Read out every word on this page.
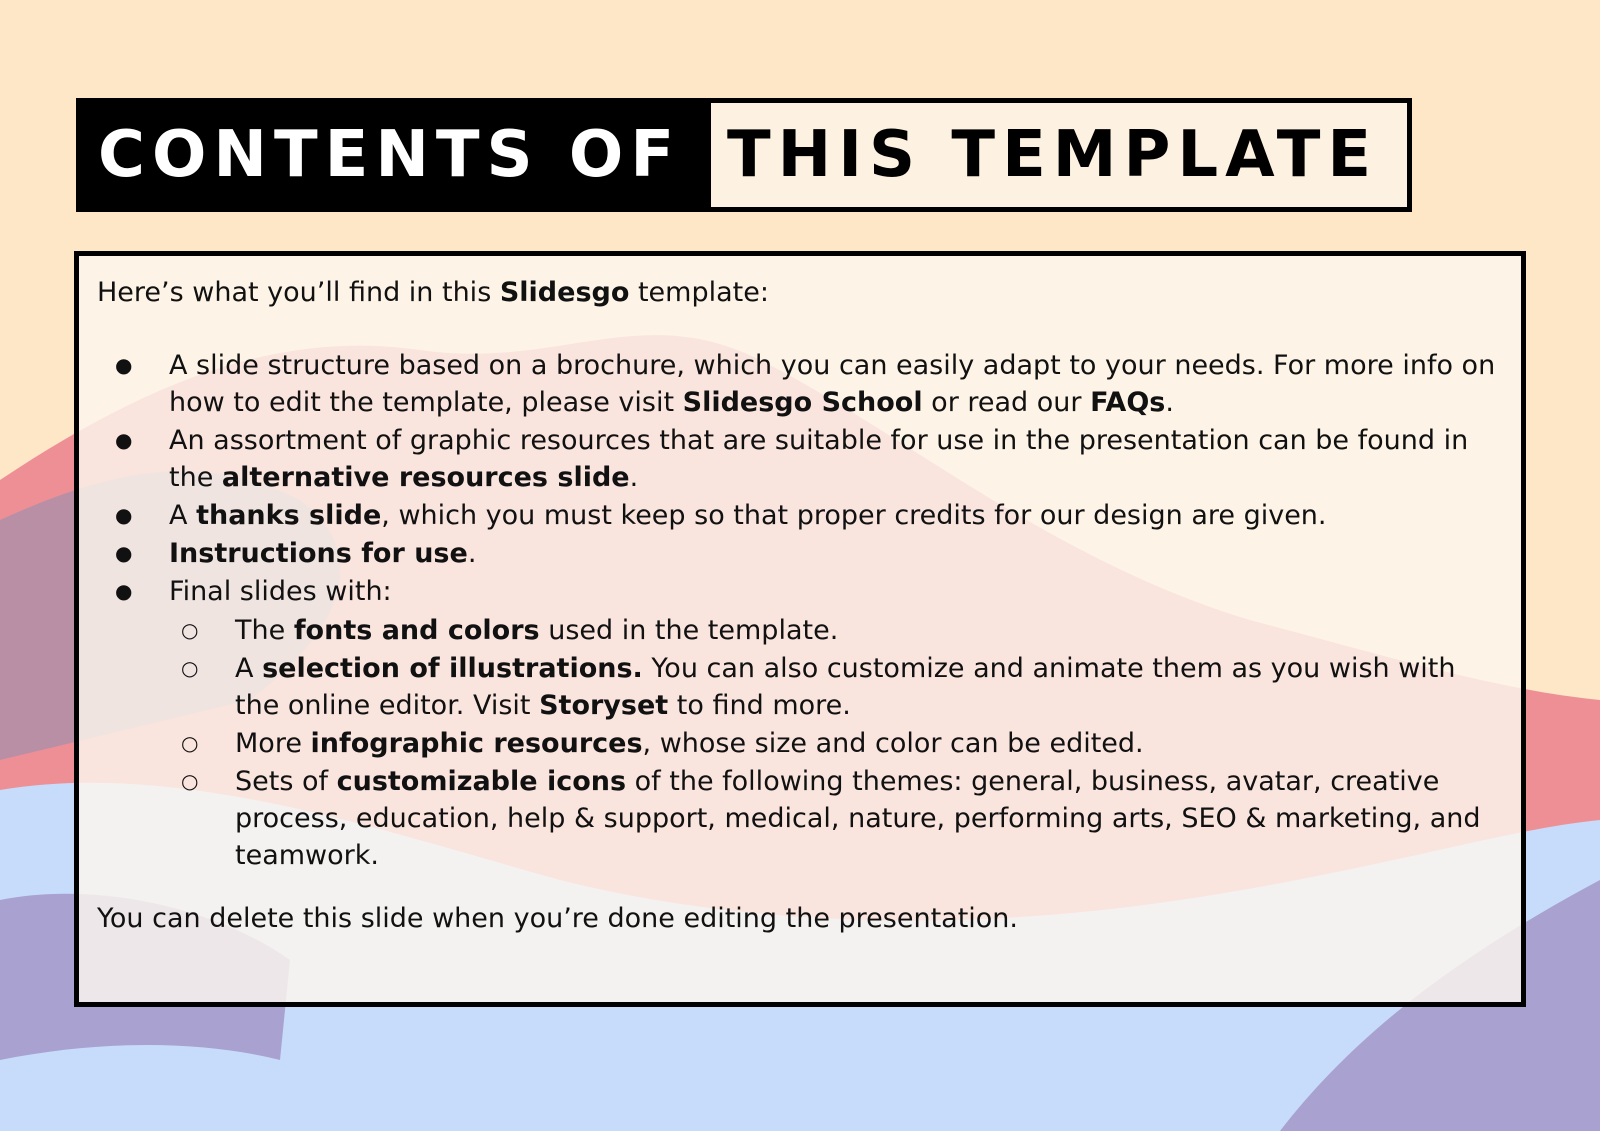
CONTENTS OF THIS TEMPLATE

Here’s what you’ll find in this Slidesgo template:

● A slide structure based on a brochure, which you can easily adapt to your needs. For more info on how to edit the template, please visit Slidesgo School or read our FAQs.
● An assortment of graphic resources that are suitable for use in the presentation can be found in the alternative resources slide.
● A thanks slide, which you must keep so that proper credits for our design are given.
● Instructions for use.
● Final slides with:
○ The fonts and colors used in the template.
○ A selection of illustrations. You can also customize and animate them as you wish with the online editor. Visit Storyset to find more.
○ More infographic resources, whose size and color can be edited.
○ Sets of customizable icons of the following themes: general, business, avatar, creative process, education, help & support, medical, nature, performing arts, SEO & marketing, and teamwork.

You can delete this slide when you’re done editing the presentation.
